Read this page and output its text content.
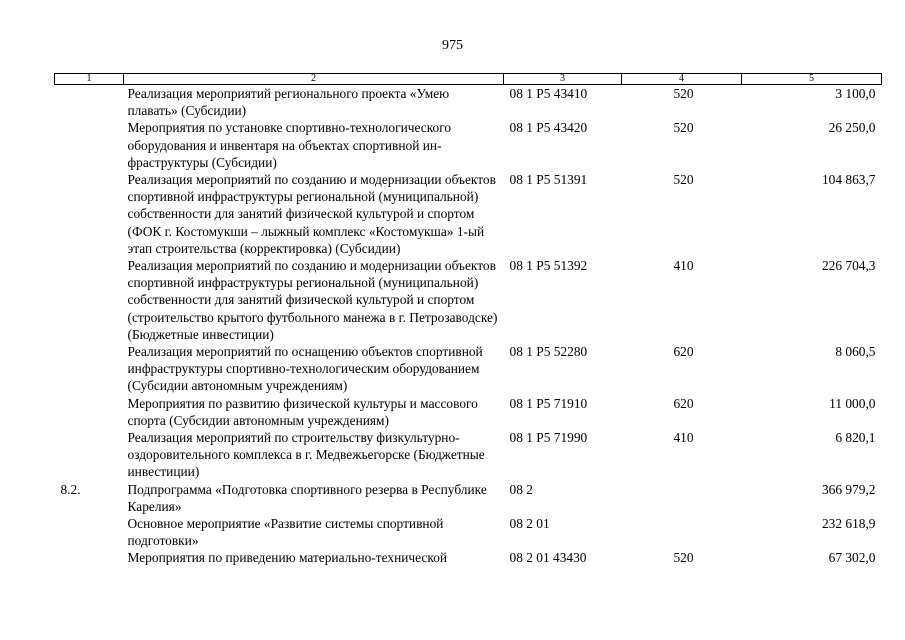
975
1	2	3	4	5
	Реализация мероприятий регионального проекта «Умею плавать» (Субсидии)	08 1 P5 43410	520	3 100,0
	Мероприятия по установке спортивно-технологического оборудования и инвентаря на объектах спортивной инфраструктуры (Субсидии)	08 1 P5 43420	520	26 250,0
	Реализация мероприятий по созданию и модернизации объектов спортивной инфраструктуры региональной (муниципальной) собственности для занятий физической культурой и спортом (ФОК г. Костомукши – лыжный комплекс «Костомукша» 1-ый этап строительства (корректировка) (Субсидии)	08 1 P5 51391	520	104 863,7
	Реализация мероприятий по созданию и модернизации объектов спортивной инфраструктуры региональной (муниципальной) собственности для занятий физической культурой и спортом (строительство крытого футбольного манежа в г. Петрозаводске) (Бюджетные инвестиции)	08 1 P5 51392	410	226 704,3
	Реализация мероприятий по оснащению объектов спортивной инфраструктуры спортивно-технологическим оборудованием (Субсидии автономным учреждениям)	08 1 P5 52280	620	8 060,5
	Мероприятия по развитию физической культуры и массового спорта (Субсидии автономным учреждениям)	08 1 P5 71910	620	11 000,0
	Реализация мероприятий по строительству физкультурно-оздоровительного комплекса в г. Медвежьегорске (Бюджетные инвестиции)	08 1 P5 71990	410	6 820,1
8.2.	Подпрограмма «Подготовка спортивного резерва в Республике Карелия»	08 2		366 979,2
	Основное мероприятие «Развитие системы спортивной подготовки»	08 2 01		232 618,9
	Мероприятия по приведению материально-технической	08 2 01 43430	520	67 302,0
